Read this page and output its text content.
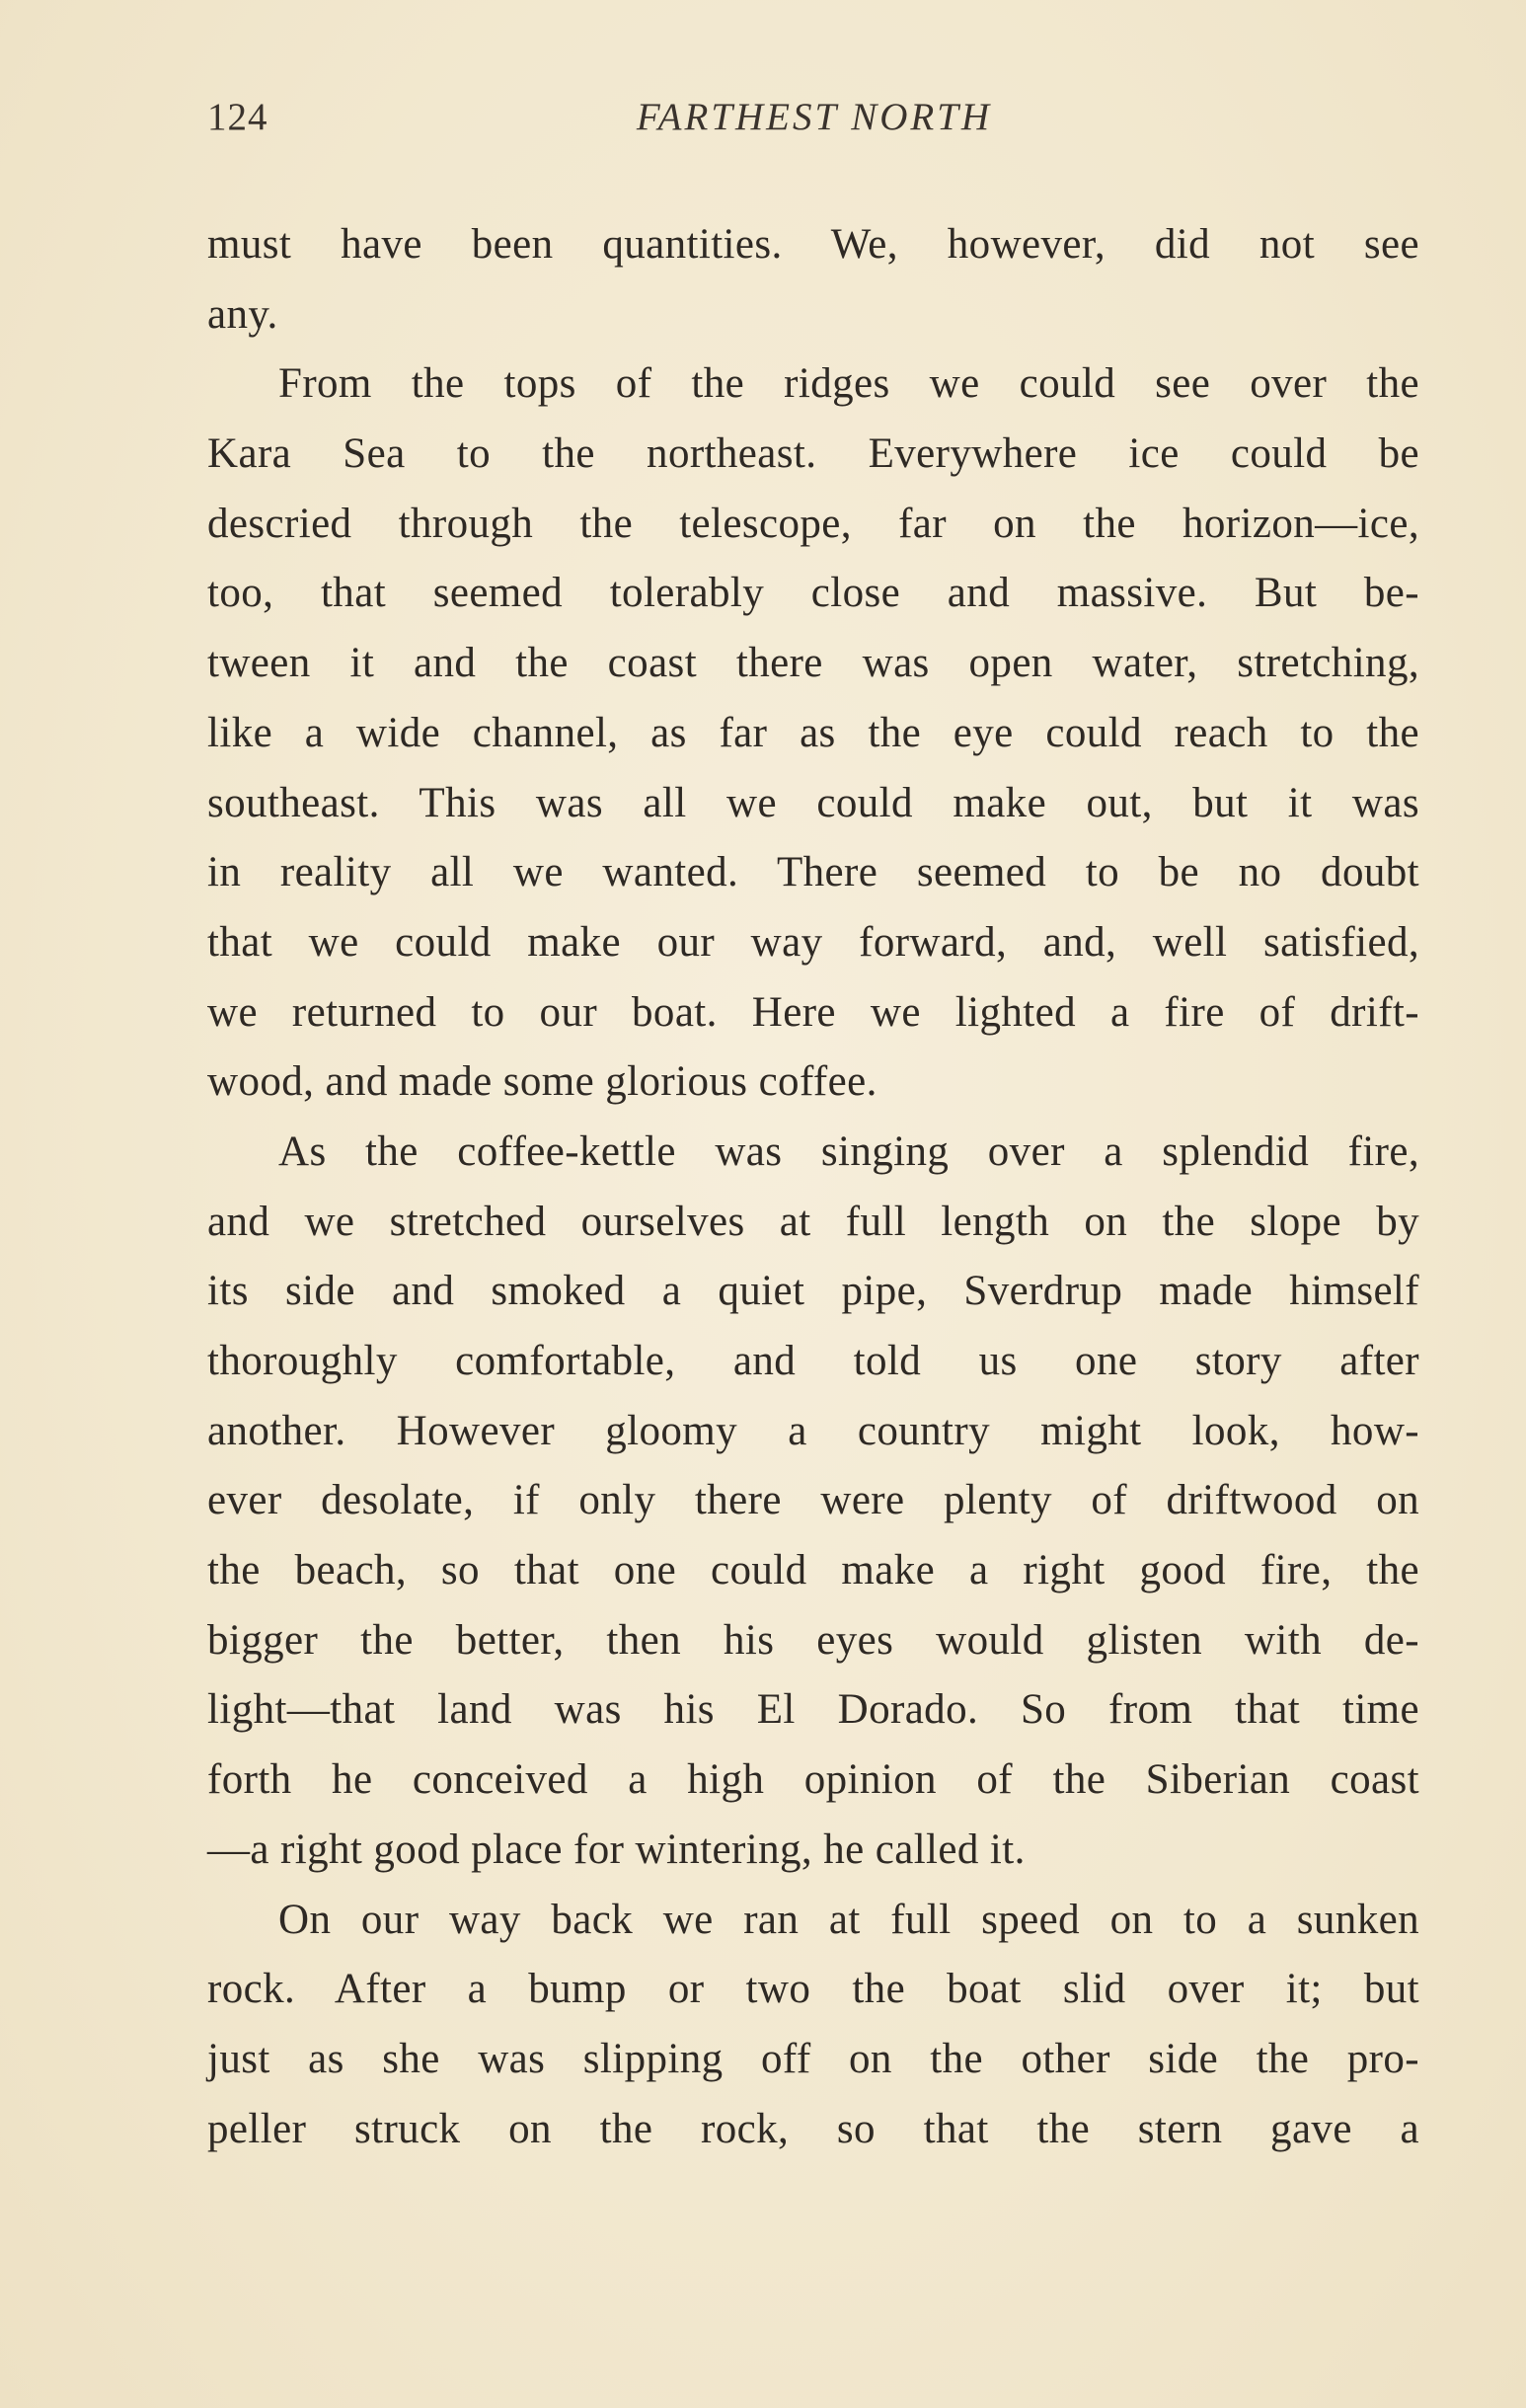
124	FARTHEST NORTH
must have been quantities. We, however, did not see
any.
From the tops of the ridges we could see over the
Kara Sea to the northeast. Everywhere ice could be
descried through the telescope, far on the horizon—ice,
too, that seemed tolerably close and massive. But be-
tween it and the coast there was open water, stretching,
like a wide channel, as far as the eye could reach to the
southeast. This was all we could make out, but it was
in reality all we wanted. There seemed to be no doubt
that we could make our way forward, and, well satisfied,
we returned to our boat. Here we lighted a fire of drift-
wood, and made some glorious coffee.
As the coffee-kettle was singing over a splendid fire,
and we stretched ourselves at full length on the slope by
its side and smoked a quiet pipe, Sverdrup made himself
thoroughly comfortable, and told us one story after
another. However gloomy a country might look, how-
ever desolate, if only there were plenty of driftwood on
the beach, so that one could make a right good fire, the
bigger the better, then his eyes would glisten with de-
light—that land was his El Dorado. So from that time
forth he conceived a high opinion of the Siberian coast
—a right good place for wintering, he called it.
On our way back we ran at full speed on to a sunken
rock. After a bump or two the boat slid over it; but
just as she was slipping off on the other side the pro-
peller struck on the rock, so that the stern gave a
